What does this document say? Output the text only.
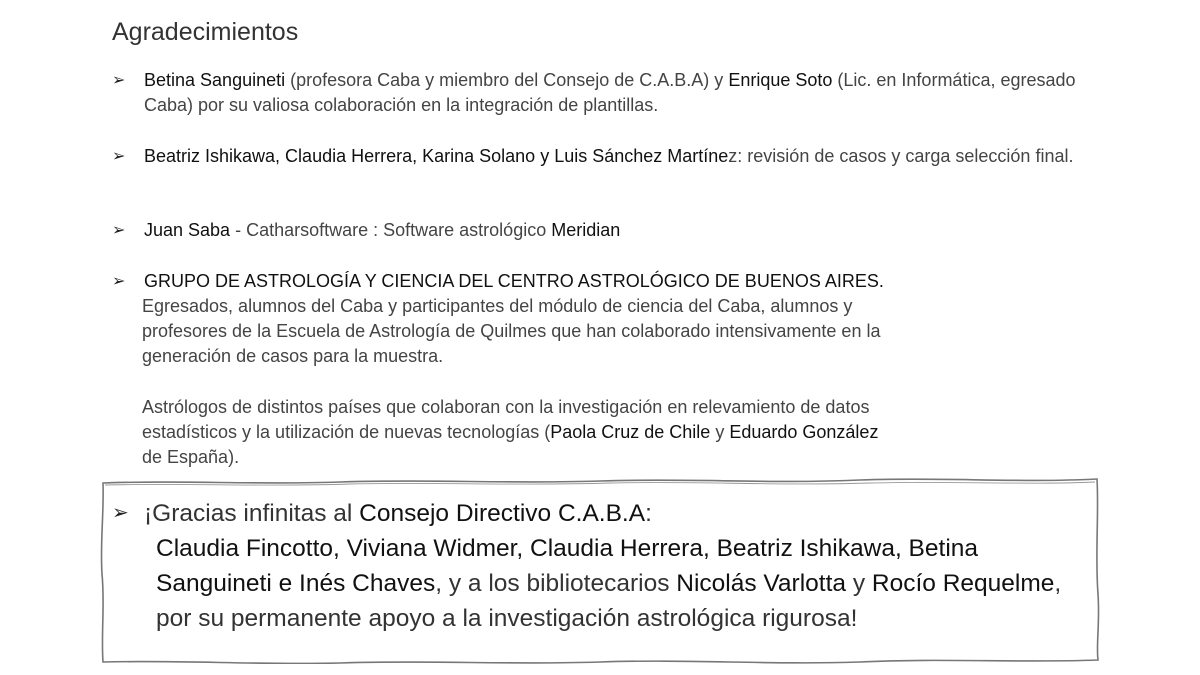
Agradecimientos
➢	Betina Sanguineti (profesora Caba y miembro del Consejo de C.A.B.A) y Enrique Soto (Lic. en Informática, egresado Caba) por su valiosa colaboración en la integración de plantillas.
➢	Beatriz Ishikawa, Claudia Herrera, Karina Solano y Luis Sánchez Martínez: revisión de casos y carga selección final.
➢	Juan Saba - Catharsoftware : Software astrológico Meridian
➢	GRUPO DE ASTROLOGÍA Y CIENCIA DEL CENTRO ASTROLÓGICO DE BUENOS AIRES.
Egresados, alumnos del Caba y participantes del módulo de ciencia del Caba, alumnos y
profesores de la Escuela de Astrología de Quilmes que han colaborado intensivamente en la
generación de casos para la muestra.
Astrólogos de distintos países que colaboran con la investigación en relevamiento de datos
estadísticos y la utilización de nuevas tecnologías (Paola Cruz de Chile y Eduardo González
de España).
➢ ¡Gracias infinitas al Consejo Directivo C.A.B.A:
Claudia Fincotto, Viviana Widmer, Claudia Herrera, Beatriz Ishikawa, Betina Sanguineti e Inés Chaves, y a los bibliotecarios Nicolás Varlotta y Rocío Requelme, por su permanente apoyo a la investigación astrológica rigurosa!
